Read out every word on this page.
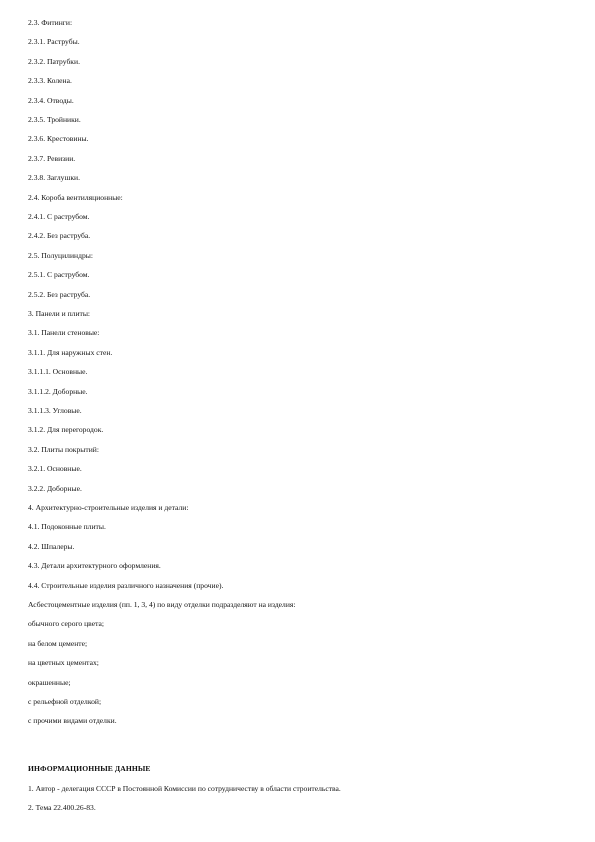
2.3. Фитинги:
2.3.1. Раструбы.
2.3.2. Патрубки.
2.3.3. Колена.
2.3.4. Отводы.
2.3.5. Тройники.
2.3.6. Крестовины.
2.3.7. Ревизии.
2.3.8. Заглушки.
2.4. Короба вентиляционные:
2.4.1. С раструбом.
2.4.2. Без раструба.
2.5. Полуцилиндры:
2.5.1. С раструбом.
2.5.2. Без раструба.
3. Панели и плиты:
3.1. Панели стеновые:
3.1.1. Для наружных стен.
3.1.1.1. Основные.
3.1.1.2. Доборные.
3.1.1.3. Угловые.
3.1.2. Для перегородок.
3.2. Плиты покрытий:
3.2.1. Основные.
3.2.2. Доборные.
4. Архитектурно-строительные изделия и детали:
4.1. Подоконные плиты.
4.2. Шпалеры.
4.3. Детали архитектурного оформления.
4.4. Строительные изделия различного назначения (прочие).
Асбестоцементные изделия (пп. 1, 3, 4) по виду отделки подразделяют на изделия:
обычного серого цвета;
на белом цементе;
на цветных цементах;
окрашенные;
с рельефной отделкой;
с прочими видами отделки.
ИНФОРМАЦИОННЫЕ ДАННЫЕ
1. Автор - делегация СССР в Постоянной Комиссии по сотрудничеству в области строительства.
2. Тема 22.400.26-83.
